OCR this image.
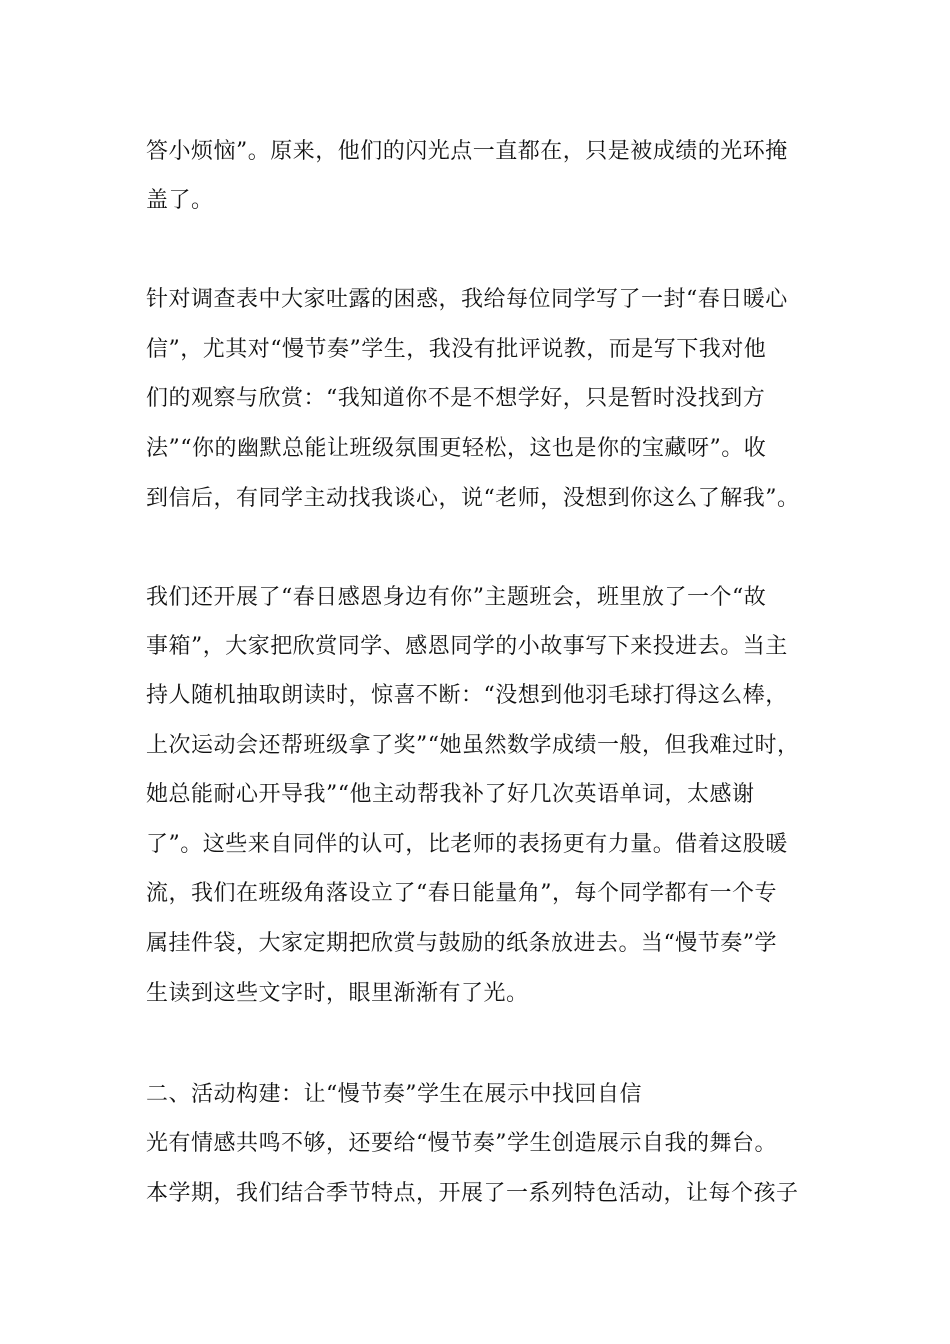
答小烦恼”。原来，他们的闪光点一直都在，只是被成绩的光环掩
盖了。
针对调查表中大家吐露的困惑，我给每位同学写了一封“春日暖心
信”，尤其对“慢节奏”学生，我没有批评说教，而是写下我对他
们的观察与欣赏：“我知道你不是不想学好，只是暂时没找到方
法”“你的幽默总能让班级氛围更轻松，这也是你的宝藏呀”。收
到信后，有同学主动找我谈心，说“老师，没想到你这么了解我”。
我们还开展了“春日感恩身边有你”主题班会，班里放了一个“故
事箱”，大家把欣赏同学、感恩同学的小故事写下来投进去。当主
持人随机抽取朗读时，惊喜不断：“没想到他羽毛球打得这么棒，
上次运动会还帮班级拿了奖”“她虽然数学成绩一般，但我难过时，
她总能耐心开导我”“他主动帮我补了好几次英语单词，太感谢
了”。这些来自同伴的认可，比老师的表扬更有力量。借着这股暖
流，我们在班级角落设立了“春日能量角”，每个同学都有一个专
属挂件袋，大家定期把欣赏与鼓励的纸条放进去。当“慢节奏”学
生读到这些文字时，眼里渐渐有了光。
二、活动构建：让“慢节奏”学生在展示中找回自信
光有情感共鸣不够，还要给“慢节奏”学生创造展示自我的舞台。
本学期，我们结合季节特点，开展了一系列特色活动，让每个孩子
